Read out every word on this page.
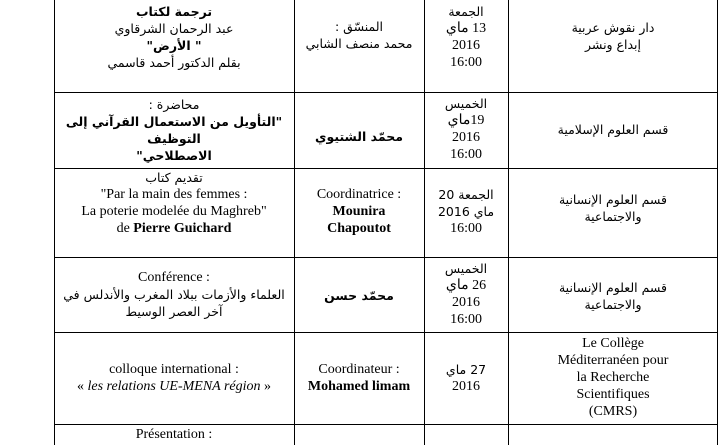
ترجمة لكتاب
عبد الرحمان الشرقاوي
" الأرض"
بقلم الدكتور أحمد قاسمي
المنسّق :
محمد منصف الشابي
الجمعة
13 ماي
2016
16:00
دار نقوش عربية
إبداع ونشر
محاضرة :
"التأويل من الاستعمال القرآني إلى التوظيف
الاصطلاحي"
محمّد الشتيوي
الخميس
19ماي
2016
16:00
قسم العلوم الإسلامية
تقديم كتاب
"Par la main des femmes :
La poterie modelée du Maghreb"
de Pierre Guichard
Coordinatrice :
Mounira
Chapoutot
الجمعة 20
ماي 2016
16:00
قسم العلوم الإنسانية
والاجتماعية
Conférence :
العلماء والأزمات ببلاد المغرب والأندلس في
آخر العصر الوسيط
محمّد حسن
الخميس
26 ماي
2016
16:00
قسم العلوم الإنسانية
والاجتماعية
colloque international :
« les relations UE-MENA région »
Coordinateur :
Mohamed limam
27 ماي
2016
Le Collège
Méditerranéen pour
la Recherche
Scientifiques
(CMRS)
Présentation :
